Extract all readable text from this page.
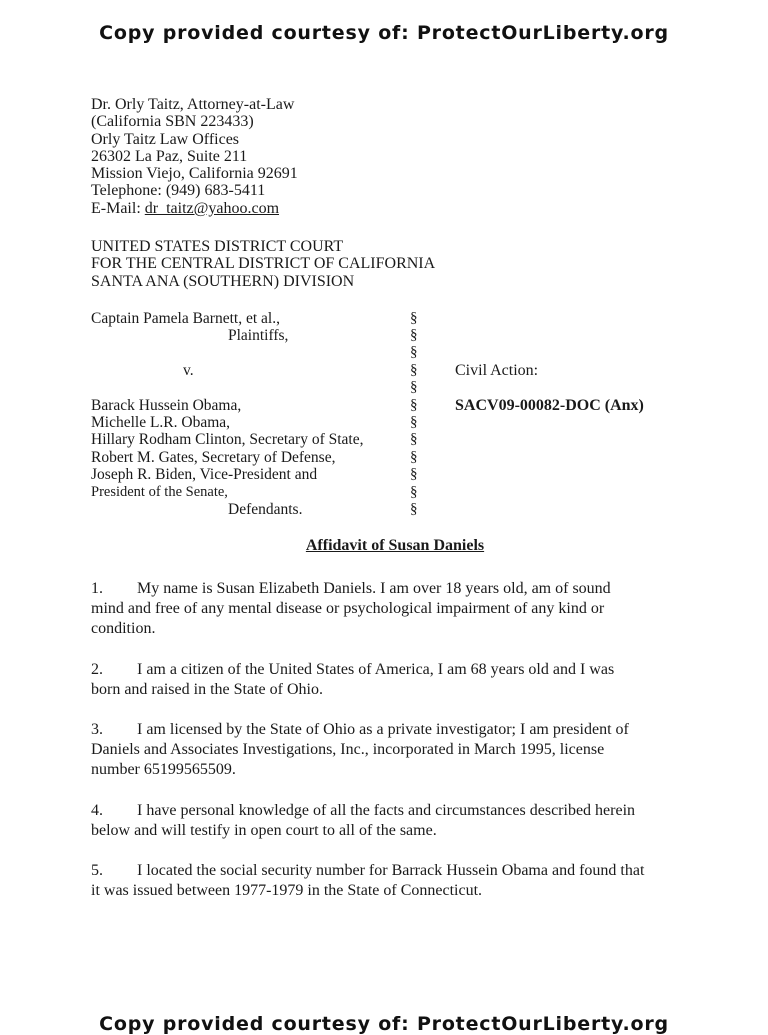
Copy provided courtesy of: ProtectOurLiberty.org
Dr. Orly Taitz, Attorney-at-Law
(California SBN 223433)
Orly Taitz Law Offices
26302 La Paz, Suite 211
Mission Viejo, California 92691
Telephone: (949) 683-5411
E-Mail: dr_taitz@yahoo.com
UNITED STATES DISTRICT COURT
FOR THE CENTRAL DISTRICT OF CALIFORNIA
SANTA ANA (SOUTHERN) DIVISION
Captain Pamela Barnett, et al.,
Plaintiffs,
v.
Barack Hussein Obama,
Michelle L.R. Obama,
Hillary Rodham Clinton, Secretary of State,
Robert M. Gates, Secretary of Defense,
Joseph R. Biden, Vice-President and
President of the Senate,
Defendants.
§
§
§
§
§
§
§
§
§
§
§
§
Civil Action:
SACV09-00082-DOC (Anx)
Affidavit of Susan Daniels
1. My name is Susan Elizabeth Daniels. I am over 18 years old, am of sound
mind and free of any mental disease or psychological impairment of any kind or
condition.
2. I am a citizen of the United States of America, I am 68 years old and I was
born and raised in the State of Ohio.
3. I am licensed by the State of Ohio as a private investigator; I am president of
Daniels and Associates Investigations, Inc., incorporated in March 1995, license
number 65199565509.
4. I have personal knowledge of all the facts and circumstances described herein
below and will testify in open court to all of the same.
5. I located the social security number for Barrack Hussein Obama and found that
it was issued between 1977-1979 in the State of Connecticut.
Copy provided courtesy of: ProtectOurLiberty.org
